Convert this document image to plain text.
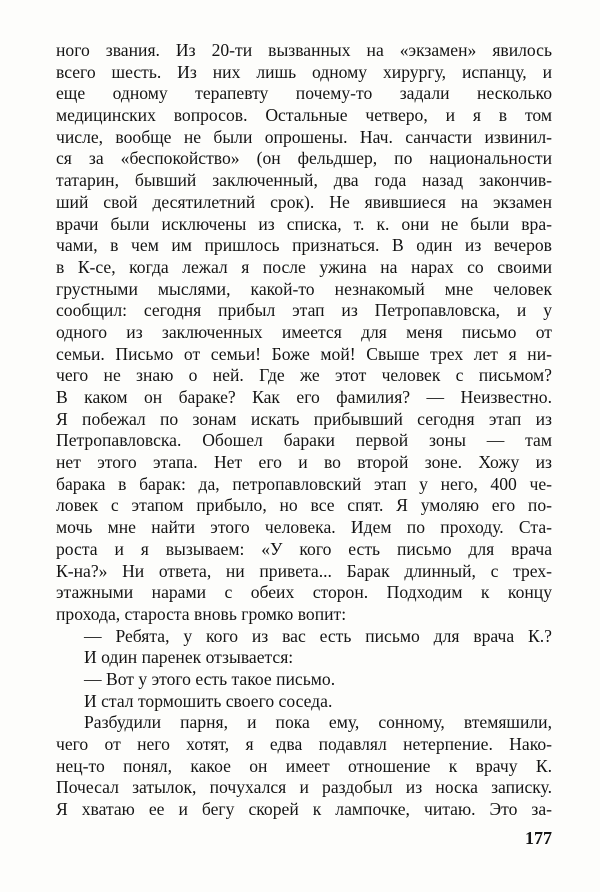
ного звания. Из 20-ти вызванных на «экзамен» явилось
всего шесть. Из них лишь одному хирургу, испанцу, и
еще одному терапевту почему-то задали несколько
медицинских вопросов. Остальные четверо, и я в том
числе, вообще не были опрошены. Нач. санчасти извинил-
ся за «беспокойство» (он фельдшер, по национальности
татарин, бывший заключенный, два года назад закончив-
ший свой десятилетний срок). Не явившиеся на экзамен
врачи были исключены из списка, т. к. они не были вра-
чами, в чем им пришлось признаться. В один из вечеров
в К-се, когда лежал я после ужина на нарах со своими
грустными мыслями, какой-то незнакомый мне человек
сообщил: сегодня прибыл этап из Петропавловска, и у
одного из заключенных имеется для меня письмо от
семьи. Письмо от семьи! Боже мой! Свыше трех лет я ни-
чего не знаю о ней. Где же этот человек с письмом?
В каком он бараке? Как его фамилия? — Неизвестно.
Я побежал по зонам искать прибывший сегодня этап из
Петропавловска. Обошел бараки первой зоны — там
нет этого этапа. Нет его и во второй зоне. Хожу из
барака в барак: да, петропавловский этап у него, 400 че-
ловек с этапом прибыло, но все спят. Я умоляю его по-
мочь мне найти этого человека. Идем по проходу. Ста-
роста и я вызываем: «У кого есть письмо для врача
К-на?» Ни ответа, ни привета... Барак длинный, с трех-
этажными нарами с обеих сторон. Подходим к концу
прохода, староста вновь громко вопит:
— Ребята, у кого из вас есть письмо для врача К.?
И один паренек отзывается:
— Вот у этого есть такое письмо.
И стал тормошить своего соседа.
Разбудили парня, и пока ему, сонному, втемяшили,
чего от него хотят, я едва подавлял нетерпение. Нако-
нец-то понял, какое он имеет отношение к врачу К.
Почесал затылок, почухался и раздобыл из носка записку.
Я хватаю ее и бегу скорей к лампочке, читаю. Это за-
177
